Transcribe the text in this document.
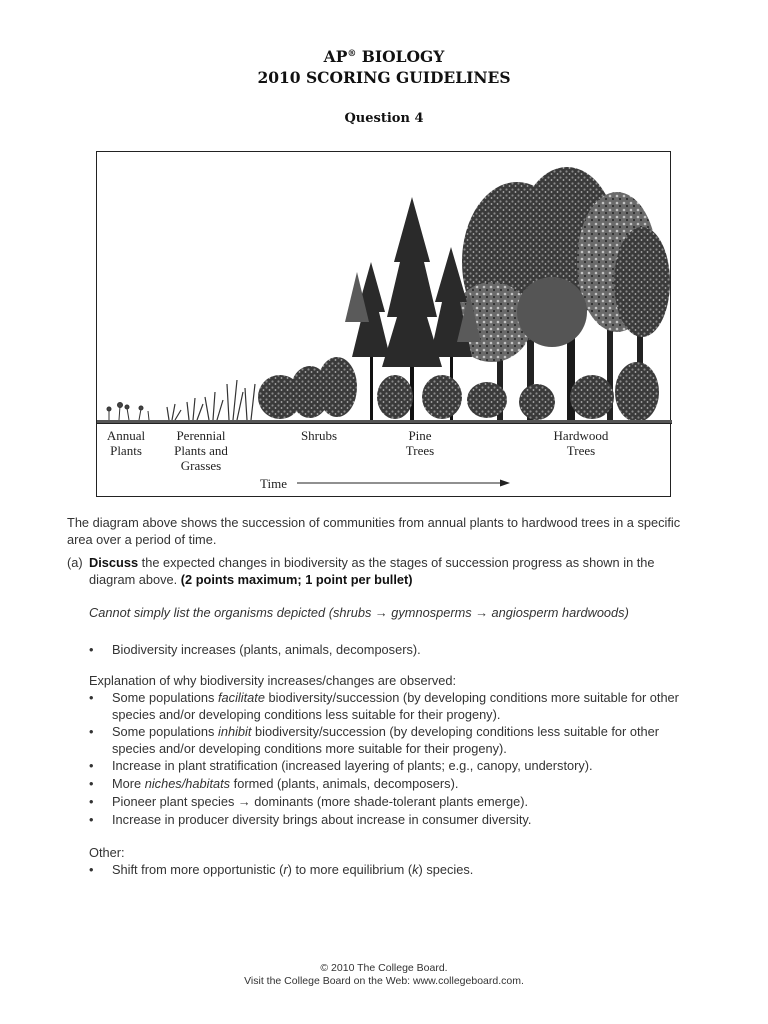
AP® BIOLOGY
2010 SCORING GUIDELINES
Question 4
Annual
Plants
Perennial
Plants and
Grasses
Shrubs	Pine
Trees
Hardwood
Trees
Time
The diagram above shows the succession of communities from annual plants to hardwood trees in a specific area over a period of time.
(a) Discuss the expected changes in biodiversity as the stages of succession progress as shown in the diagram above. (2 points maximum; 1 point per bullet)
Cannot simply list the organisms depicted (shrubs → gymnosperms → angiosperm hardwoods)
• Biodiversity increases (plants, animals, decomposers).
Explanation of why biodiversity increases/changes are observed:
• Some populations facilitate biodiversity/succession (by developing conditions more suitable for other species and/or developing conditions less suitable for their progeny).
• Some populations inhibit biodiversity/succession (by developing conditions less suitable for other species and/or developing conditions more suitable for their progeny).
• Increase in plant stratification (increased layering of plants; e.g., canopy, understory).
• More niches/habitats formed (plants, animals, decomposers).
• Pioneer plant species → dominants (more shade-tolerant plants emerge).
• Increase in producer diversity brings about increase in consumer diversity.
Other:
• Shift from more opportunistic (r) to more equilibrium (k) species.
© 2010 The College Board.
Visit the College Board on the Web: www.collegeboard.com.
